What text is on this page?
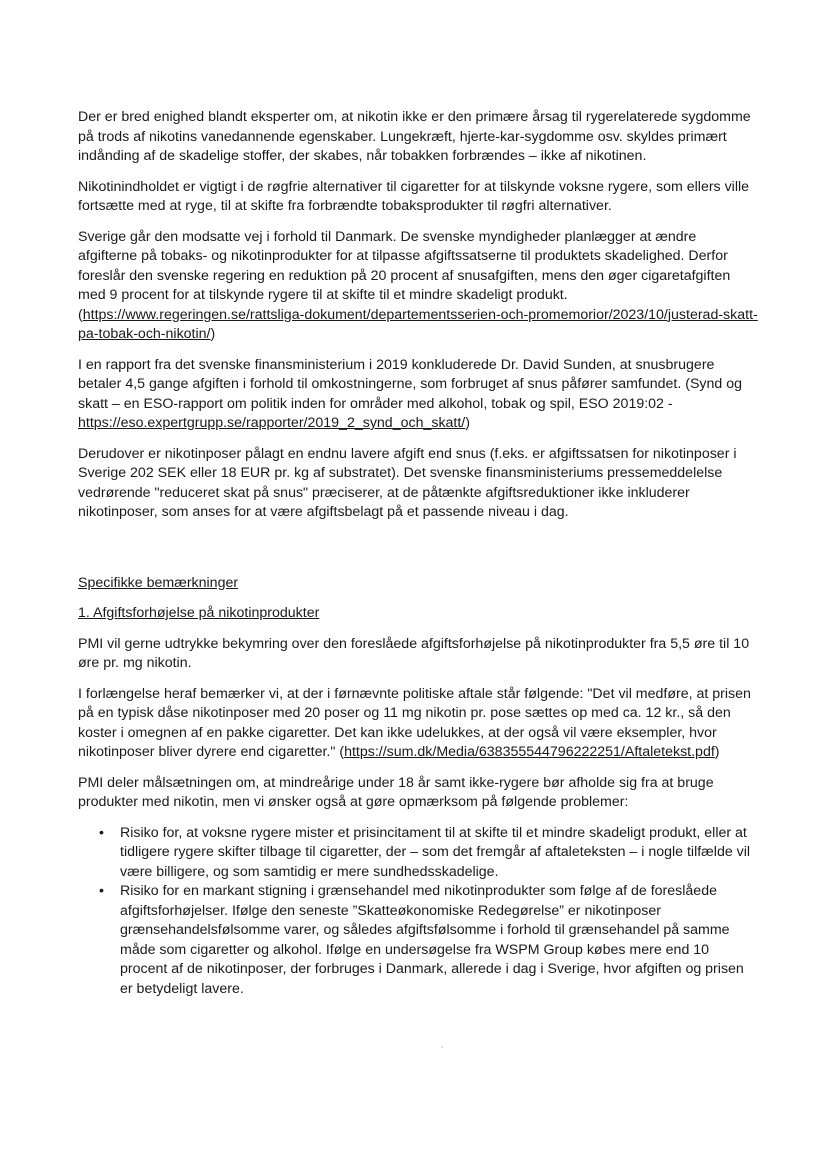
Der er bred enighed blandt eksperter om, at nikotin ikke er den primære årsag til rygerelaterede sygdomme på trods af nikotins vanedannende egenskaber. Lungekræft, hjerte-kar-sygdomme osv. skyldes primært indånding af de skadelige stoffer, der skabes, når tobakken forbrændes – ikke af nikotinen.

Nikotinindholdet er vigtigt i de røgfrie alternativer til cigaretter for at tilskynde voksne rygere, som ellers ville fortsætte med at ryge, til at skifte fra forbrændte tobaksprodukter til røgfri alternativer.

Sverige går den modsatte vej i forhold til Danmark. De svenske myndigheder planlægger at ændre afgifterne på tobaks- og nikotinprodukter for at tilpasse afgiftssatserne til produktets skadelighed. Derfor foreslår den svenske regering en reduktion på 20 procent af snusafgiften, mens den øger cigaretafgiften med 9 procent for at tilskynde rygere til at skifte til et mindre skadeligt produkt. (https://www.regeringen.se/rattsliga-dokument/departementsserien-och-promemorior/2023/10/justerad-skatt-pa-tobak-och-nikotin/)

I en rapport fra det svenske finansministerium i 2019 konkluderede Dr. David Sunden, at snusbrugere betaler 4,5 gange afgiften i forhold til omkostningerne, som forbruget af snus påfører samfundet. (Synd og skatt – en ESO-rapport om politik inden for områder med alkohol, tobak og spil, ESO 2019:02 - https://eso.expertgrupp.se/rapporter/2019_2_synd_och_skatt/)

Derudover er nikotinposer pålagt en endnu lavere afgift end snus (f.eks. er afgiftssatsen for nikotinposer i Sverige 202 SEK eller 18 EUR pr. kg af substratet). Det svenske finansministeriums pressemeddelelse vedrørende "reduceret skat på snus" præciserer, at de påtænkte afgiftsreduktioner ikke inkluderer nikotinposer, som anses for at være afgiftsbelagt på et passende niveau i dag.

Specifikke bemærkninger
1. Afgiftsforhøjelse på nikotinprodukter

PMI vil gerne udtrykke bekymring over den foreslåede afgiftsforhøjelse på nikotinprodukter fra 5,5 øre til 10 øre pr. mg nikotin.

I forlængelse heraf bemærker vi, at der i førnævnte politiske aftale står følgende: "Det vil medføre, at prisen på en typisk dåse nikotinposer med 20 poser og 11 mg nikotin pr. pose sættes op med ca. 12 kr., så den koster i omegnen af en pakke cigaretter. Det kan ikke udelukkes, at der også vil være eksempler, hvor nikotinposer bliver dyrere end cigaretter." (https://sum.dk/Media/638355544796222251/Aftaletekst.pdf)

PMI deler målsætningen om, at mindreårige under 18 år samt ikke-rygere bør afholde sig fra at bruge produkter med nikotin, men vi ønsker også at gøre opmærksom på følgende problemer:

• Risiko for, at voksne rygere mister et prisincitament til at skifte til et mindre skadeligt produkt, eller at tidligere rygere skifter tilbage til cigaretter, der – som det fremgår af aftaleteksten – i nogle tilfælde vil være billigere, og som samtidig er mere sundhedsskadelige.
• Risiko for en markant stigning i grænsehandel med nikotinprodukter som følge af de foreslåede afgiftsforhøjelser. Ifølge den seneste ”Skatteøkonomiske Redegørelse” er nikotinposer grænsehandelsfølsomme varer, og således afgiftsfølsomme i forhold til grænsehandel på samme måde som cigaretter og alkohol. Ifølge en undersøgelse fra WSPM Group købes mere end 10 procent af de nikotinposer, der forbruges i Danmark, allerede i dag i Sverige, hvor afgiften og prisen er betydeligt lavere.
